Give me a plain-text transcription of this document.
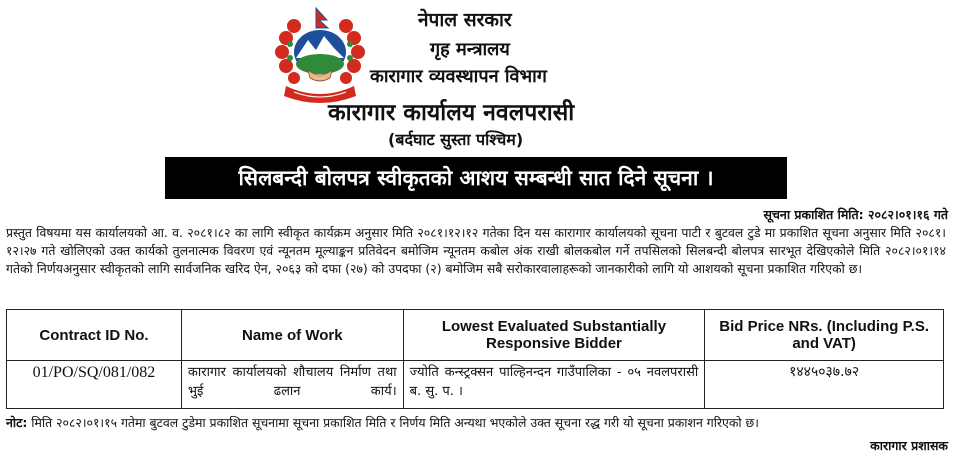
नेपाल सरकार
गृह मन्त्रालय
कारागार व्यवस्थापन विभाग
कारागार कार्यालय नवलपरासी
(बर्दघाट सुस्ता पश्चिम)
सिलबन्दी बोलपत्र स्वीकृतको आशय सम्बन्धी सात दिने सूचना ।
सूचना प्रकाशित मिति: २०८२।०१।१६ गते

प्रस्तुत विषयमा यस कार्यालयको आ. व. २०८१।८२ का लागि स्वीकृत कार्यक्रम अनुसार मिति २०८१।१२।१२ गतेका दिन यस कारागार कार्यालयको सूचना पाटी र बुटवल टुडे मा प्रकाशित सूचना अनुसार मिति २०८१।१२।२७ गते खोलिएको उक्त कार्यको तुलनात्मक विवरण एवं न्यूनतम मूल्याङ्कन प्रतिवेदन बमोजिम न्यूनतम कबोल अंक राखी बोलकबोल गर्ने तपसिलको सिलबन्दी बोलपत्र सारभूत देखिएकोले मिति २०८२।०१।१४ गतेको निर्णयअनुसार स्वीकृतको लागि सार्वजनिक खरिद ऐन, २०६३ को दफा (२७) को उपदफा (२) बमोजिम सबै सरोकारवालाहरूको जानकारीको लागि यो आशयको सूचना प्रकाशित गरिएको छ।

Contract ID No.	Name of Work	Lowest Evaluated Substantially Responsive Bidder	Bid Price NRs. (Including P.S. and VAT)
01/PO/SQ/081/082	कारागार कार्यालयको शौचालय निर्माण तथा भुई ढलान कार्य।	ज्योति कन्स्ट्रक्सन पाल्हिनन्दन गाउँपालिका - ०५ नवलपरासी ब. सु. प. ।	१४४५०३७.७२
नोट: मिति २०८२।०१।१५ गतेमा बुटवल टुडेमा प्रकाशित सूचनामा सूचना प्रकाशित मिति र निर्णय मिति अन्यथा भएकोले उक्त सूचना रद्ध गरी यो सूचना प्रकाशन गरिएको छ।
कारागार प्रशासक
